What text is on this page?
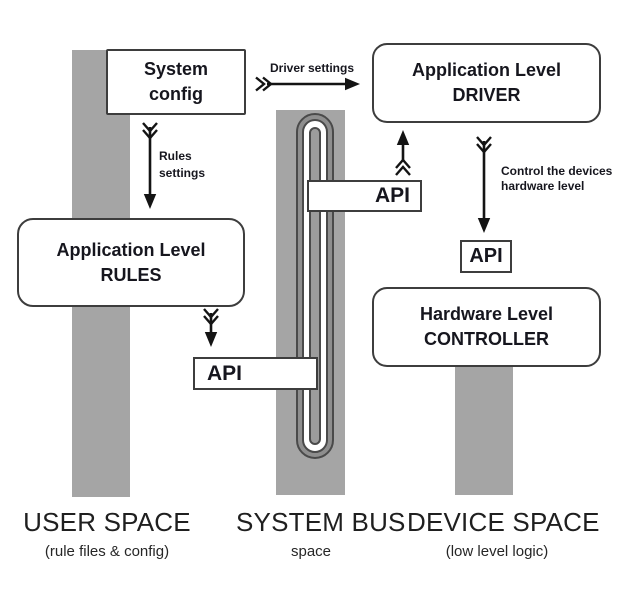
System
config
Application Level
RULES
Application Level
DRIVER
Hardware Level
CONTROLLER
API
API
API
Driver settings
Rules
settings	Control the devices
hardware level
USER SPACE
(rule files & config)
SYSTEM BUS
space
DEVICE SPACE
(low level logic)
